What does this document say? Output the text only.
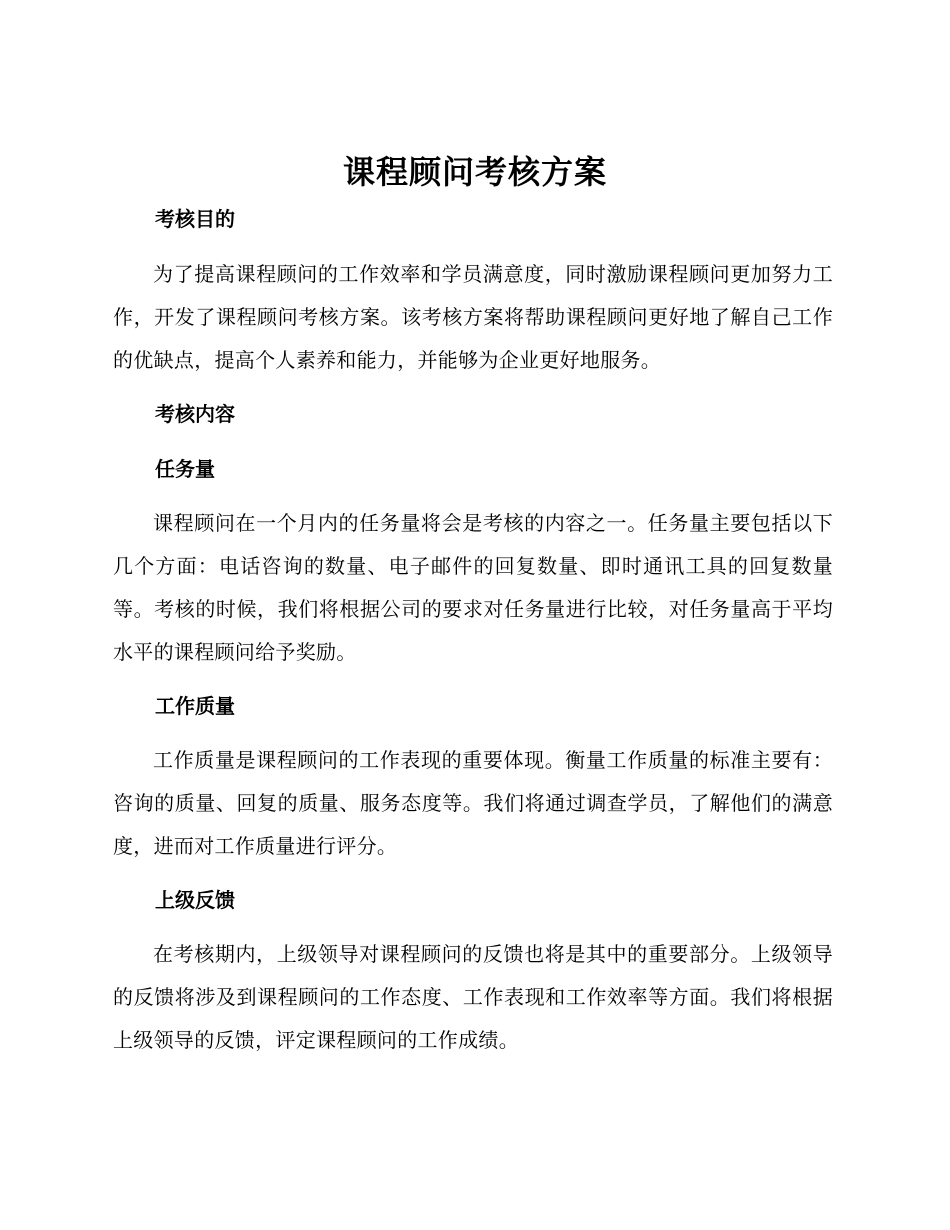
课程顾问考核方案
考核目的

为了提高课程顾问的工作效率和学员满意度，同时激励课程顾问更加努力工作，开发了课程顾问考核方案。该考核方案将帮助课程顾问更好地了解自己工作的优缺点，提高个人素养和能力，并能够为企业更好地服务。

考核内容
任务量

课程顾问在一个月内的任务量将会是考核的内容之一。任务量主要包括以下几个方面：电话咨询的数量、电子邮件的回复数量、即时通讯工具的回复数量等。考核的时候，我们将根据公司的要求对任务量进行比较，对任务量高于平均水平的课程顾问给予奖励。

工作质量

工作质量是课程顾问的工作表现的重要体现。衡量工作质量的标准主要有：咨询的质量、回复的质量、服务态度等。我们将通过调查学员，了解他们的满意度，进而对工作质量进行评分。

上级反馈

在考核期内，上级领导对课程顾问的反馈也将是其中的重要部分。上级领导的反馈将涉及到课程顾问的工作态度、工作表现和工作效率等方面。我们将根据上级领导的反馈，评定课程顾问的工作成绩。
